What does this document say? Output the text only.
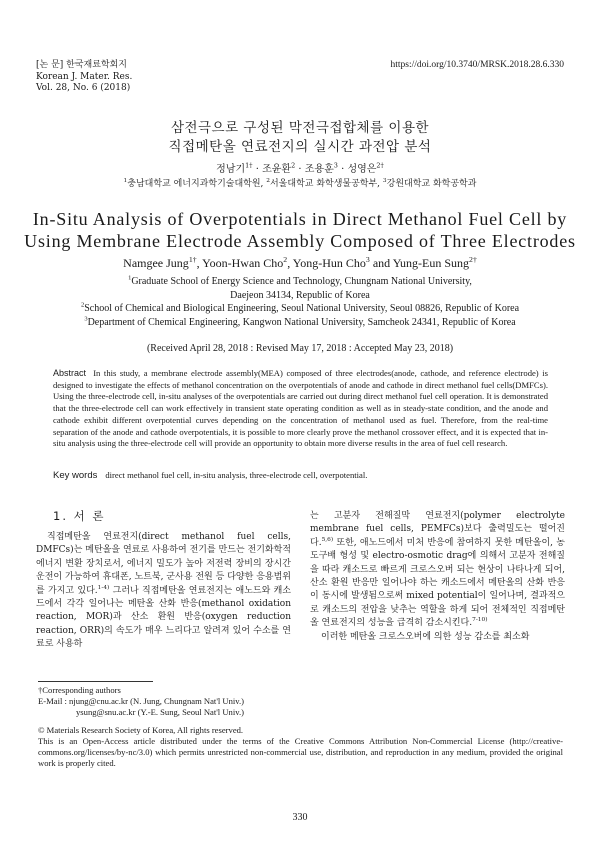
[논 문] 한국재료학회지
Korean J. Mater. Res.
Vol. 28, No. 6 (2018)
https://doi.org/10.3740/MRSK.2018.28.6.330
삼전극으로 구성된 막전극접합체를 이용한
직접메탄올 연료전지의 실시간 과전압 분석
정남기$^{1\dagger}$ · 조윤환$^2$ · 조용훈$^3$ · 성영은$^{2\dagger}$
$^1$충남대학교 에너지과학기술대학원, $^2$서울대학교 화학생물공학부, $^3$강원대학교 화학공학과
In-Situ Analysis of Overpotentials in Direct Methanol Fuel Cell by
Using Membrane Electrode Assembly Composed of Three Electrodes
Namgee Jung$^{1\dagger}$, Yoon-Hwan Cho$^2$, Yong-Hun Cho$^3$ and Yung-Eun Sung$^{2\dagger}$
$^1$Graduate School of Energy Science and Technology, Chungnam National University,
Daejeon 34134, Republic of Korea
$^2$School of Chemical and Biological Engineering, Seoul National University, Seoul 08826, Republic of Korea
$^3$Department of Chemical Engineering, Kangwon National University, Samcheok 24341, Republic of Korea
(Received April 28, 2018 : Revised May 17, 2018 : Accepted May 23, 2018)
Abstract In this study, a membrane electrode assembly(MEA) composed of three electrodes(anode, cathode, and reference electrode) is designed to investigate the effects of methanol concentration on the overpotentials of anode and cathode in direct methanol fuel cells(DMFCs). Using the three-electrode cell, in-situ analyses of the overpotentials are carried out during direct methanol fuel cell operation. It is demonstrated that the three-electrode cell can work effectively in transient state operating condition as well as in steady-state condition, and the anode and cathode exhibit different overpotential curves depending on the concentration of methanol used as fuel. Therefore, from the real-time separation of the anode and cathode overpotentials, it is possible to more clearly prove the methanol crossover effect, and it is expected that in-situ analysis using the three-electrode cell will provide an opportunity to obtain more diverse results in the area of fuel cell research.
Key words direct methanol fuel cell, in-situ analysis, three-electrode cell, overpotential.
1. 서 론

직접메탄올 연료전지(direct methanol fuel cells, DMFCs)는 메탄올을 연료로 사용하여 전기를 만드는 전기화학적 에너지 변환 장치로서, 에너지 밀도가 높아 저전력 장비의 장시간 운전이 가능하여 휴대폰, 노트북, 군사용 전원 등 다양한 응용범위를 가지고 있다.$^{1-4)}$ 그러나 직접메탄올 연료전지는 애노드와 캐소드에서 각각 일어나는 메탄올 산화 반응(methanol oxidation reaction, MOR)과 산소 환원 반응(oxygen reduction reaction, ORR)의 속도가 매우 느리다고 알려져 있어 수소를 연료로 사용하

는 고분자 전해질막 연료전지(polymer electrolyte membrane fuel cells, PEMFCs)보다 출력밀도는 떨어진다.$^{5,6)}$ 또한, 애노드에서 미처 반응에 참여하지 못한 메탄올이, 농도구배 형성 및 electro-osmotic drag에 의해서 고분자 전해질을 따라 캐소드로 빠르게 크로스오버 되는 현상이 나타나게 되어, 산소 환원 반응만 일어나야 하는 캐소드에서 메탄올의 산화 반응이 동시에 발생됨으로써 mixed potential이 일어나며, 결과적으로 캐소드의 전압을 낮추는 역할을 하게 되어 전체적인 직접메탄올 연료전지의 성능을 급격히 감소시킨다.$^{7-10)}$

이러한 메탄올 크로스오버에 의한 성능 감소를 최소화

†Corresponding authors
E-Mail : njung@cnu.ac.kr (N. Jung, Chungnam Nat'l Univ.)
ysung@snu.ac.kr (Y.-E. Sung, Seoul Nat'l Univ.)
© Materials Research Society of Korea, All rights reserved.
This is an Open-Access article distributed under the terms of the Creative Commons Attribution Non-Commercial License (http://creative-commons.org/licenses/by-nc/3.0) which permits unrestricted non-commercial use, distribution, and reproduction in any medium, provided the original work is properly cited.
330
